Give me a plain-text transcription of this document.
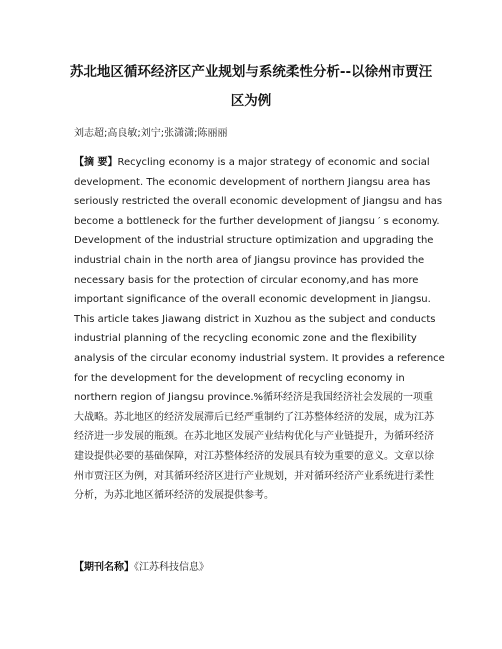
苏北地区循环经济区产业规划与系统柔性分析--以徐州市贾汪
区为例
刘志超;高良敏;刘宁;张潇潇;陈丽丽
【摘 要】Recycling economy is a major strategy of economic and social
development. The economic development of northern Jiangsu area has
seriously restricted the overall economic development of Jiangsu and has
become a bottleneck for the further development of Jiangsu ′ s economy.
Development of the industrial structure optimization and upgrading the
industrial chain in the north area of Jiangsu province has provided the
necessary basis for the protection of circular economy,and has more
important significance of the overall economic development in Jiangsu.
This article takes Jiawang district in Xuzhou as the subject and conducts
industrial planning of the recycling economic zone and the flexibility
analysis of the circular economy industrial system. It provides a reference
for the development for the development of recycling economy in
northern region of Jiangsu province.%循环经济是我国经济社会发展的一项重
大战略。苏北地区的经济发展滞后已经严重制约了江苏整体经济的发展，成为江苏
经济进一步发展的瓶颈。在苏北地区发展产业结构优化与产业链提升，为循环经济
建设提供必要的基础保障，对江苏整体经济的发展具有较为重要的意义。文章以徐
州市贾汪区为例，对其循环经济区进行产业规划，并对循环经济产业系统进行柔性
分析，为苏北地区循环经济的发展提供参考。
【期刊名称】《江苏科技信息》
